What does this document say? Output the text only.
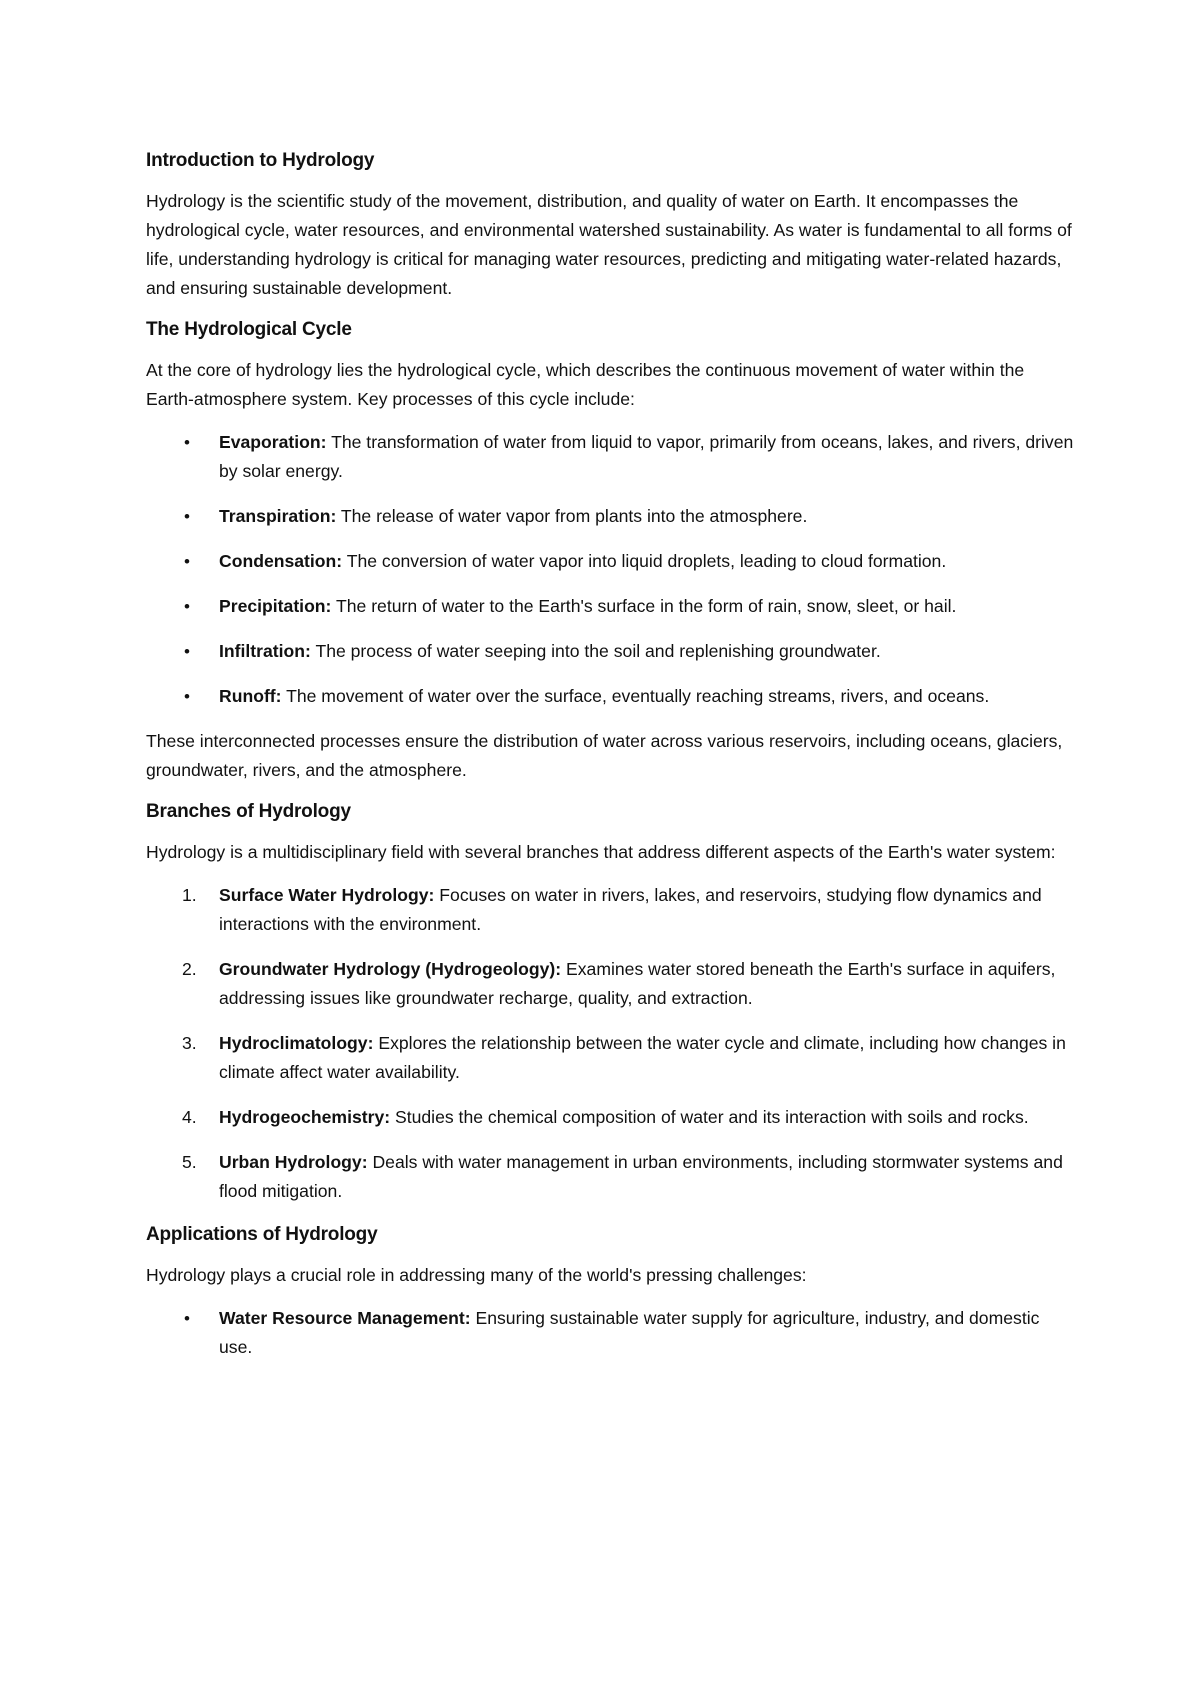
Introduction to Hydrology

Hydrology is the scientific study of the movement, distribution, and quality of water on Earth. It encompasses the hydrological cycle, water resources, and environmental watershed sustainability. As water is fundamental to all forms of life, understanding hydrology is critical for managing water resources, predicting and mitigating water-related hazards, and ensuring sustainable development.

The Hydrological Cycle

At the core of hydrology lies the hydrological cycle, which describes the continuous movement of water within the Earth-atmosphere system. Key processes of this cycle include:

• Evaporation: The transformation of water from liquid to vapor, primarily from oceans, lakes, and rivers, driven by solar energy.
• Transpiration: The release of water vapor from plants into the atmosphere.
• Condensation: The conversion of water vapor into liquid droplets, leading to cloud formation.
• Precipitation: The return of water to the Earth's surface in the form of rain, snow, sleet, or hail.
• Infiltration: The process of water seeping into the soil and replenishing groundwater.
• Runoff: The movement of water over the surface, eventually reaching streams, rivers, and oceans.

These interconnected processes ensure the distribution of water across various reservoirs, including oceans, glaciers, groundwater, rivers, and the atmosphere.

Branches of Hydrology

Hydrology is a multidisciplinary field with several branches that address different aspects of the Earth's water system:

1. Surface Water Hydrology: Focuses on water in rivers, lakes, and reservoirs, studying flow dynamics and interactions with the environment.
2. Groundwater Hydrology (Hydrogeology): Examines water stored beneath the Earth's surface in aquifers, addressing issues like groundwater recharge, quality, and extraction.
3. Hydroclimatology: Explores the relationship between the water cycle and climate, including how changes in climate affect water availability.
4. Hydrogeochemistry: Studies the chemical composition of water and its interaction with soils and rocks.
5. Urban Hydrology: Deals with water management in urban environments, including stormwater systems and flood mitigation.
Applications of Hydrology

Hydrology plays a crucial role in addressing many of the world's pressing challenges:

• Water Resource Management: Ensuring sustainable water supply for agriculture, industry, and domestic use.
